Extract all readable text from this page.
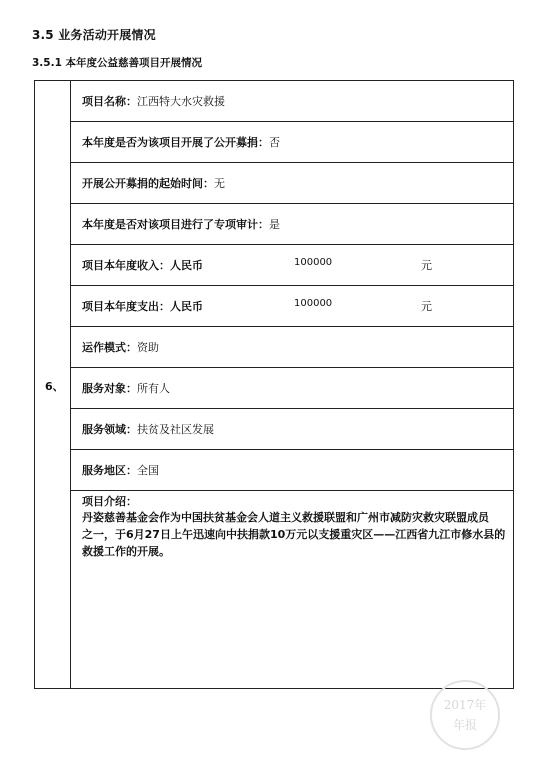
3.5 业务活动开展情况
3.5.1 本年度公益慈善项目开展情况
6、
项目名称：江西特大水灾救援
本年度是否为该项目开展了公开募捐：否
开展公开募捐的起始时间：无
本年度是否对该项目进行了专项审计：是
项目本年度收入：人民币	100000	元
项目本年度支出：人民币	100000	元
运作模式：资助
服务对象：所有人
服务领域：扶贫及社区发展
服务地区：全国
项目介绍：
丹姿慈善基金会作为中国扶贫基金会人道主义救援联盟和广州市减防灾救灾联盟成员
之一，于6月27日上午迅速向中扶捐款10万元以支援重灾区——江西省九江市修水县的
救援工作的开展。
2017年
年报
